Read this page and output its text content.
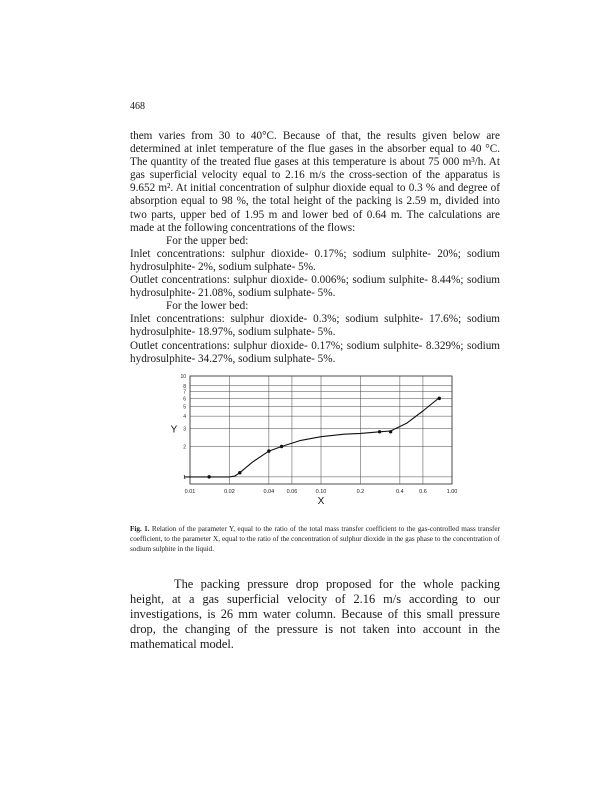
468

them varies from 30 to 40°C. Because of that, the results given below are determined at inlet temperature of the flue gases in the absorber equal to 40 °C. The quantity of the treated flue gases at this temperature is about 75 000 m³/h. At gas superficial velocity equal to 2.16 m/s the cross-section of the apparatus is 9.652 m². At initial concentration of sulphur dioxide equal to 0.3 % and degree of absorption equal to 98 %, the total height of the packing is 2.59 m, divided into two parts, upper bed of 1.95 m and lower bed of 0.64 m. The calculations are made at the following concentrations of the flows:

For the upper bed:

Inlet concentrations: sulphur dioxide- 0.17%; sodium sulphite- 20%; sodium hydrosulphite- 2%, sodium sulphate- 5%.

Outlet concentrations: sulphur dioxide- 0.006%; sodium sulphite- 8.44%; sodium hydrosulphite- 21.08%, sodium sulphate- 5%.

For the lower bed:

Inlet concentrations: sulphur dioxide- 0.3%; sodium sulphite- 17.6%; sodium hydrosulphite- 18.97%, sodium sulphate- 5%.

Outlet concentrations: sulphur dioxide- 0.17%; sodium sulphite- 8.329%; sodium hydrosulphite- 34.27%, sodium sulphate- 5%.

1
2
3
4
5
6
7
8
10
0.01	0.02	0.04 0.06	0.10	0.2	0.4	0.6	1.00
X
Y
Fig. 1. Relation of the parameter Y, equal to the ratio of the total mass transfer coefficient to the gas-controlled mass transfer coefficient, to the parameter X, equal to the ratio of the concentration of sulphur dioxide in the gas phase to the concentration of sodium sulphite in the liquid.

The packing pressure drop proposed for the whole packing height, at a gas superficial velocity of 2.16 m/s according to our investigations, is 26 mm water column. Because of this small pressure drop, the changing of the pressure is not taken into account in the mathematical model.
